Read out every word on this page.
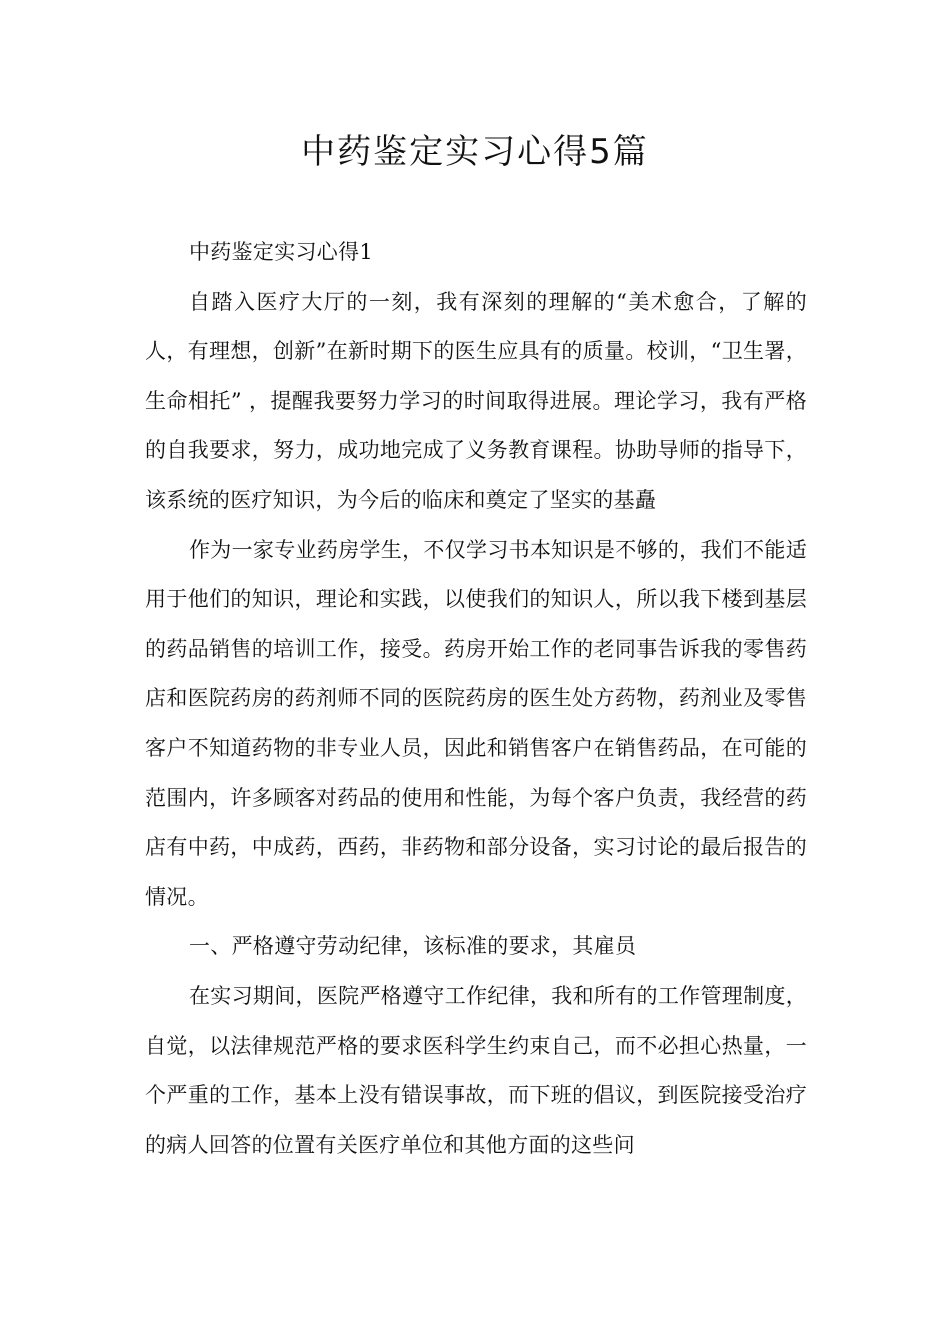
中药鉴定实习心得5篇

中药鉴定实习心得1

自踏入医疗大厅的一刻，我有深刻的理解的“美术愈合，了解的人，有理想，创新”在新时期下的医生应具有的质量。校训，“卫生署，生命相托” ，提醒我要努力学习的时间取得进展。理论学习，我有严格的自我要求，努力，成功地完成了义务教育课程。协助导师的指导下，该系统的医疗知识，为今后的临床和奠定了坚实的基矗

作为一家专业药房学生，不仅学习书本知识是不够的，我们不能适用于他们的知识，理论和实践，以使我们的知识人，所以我下楼到基层的药品销售的培训工作，接受。药房开始工作的老同事告诉我的零售药店和医院药房的药剂师不同的医院药房的医生处方药物，药剂业及零售客户不知道药物的非专业人员，因此和销售客户在销售药品，在可能的范围内，许多顾客对药品的使用和性能，为每个客户负责，我经营的药店有中药，中成药，西药，非药物和部分设备，实习讨论的最后报告的情况。

一、严格遵守劳动纪律，该标准的要求，其雇员

在实习期间，医院严格遵守工作纪律，我和所有的工作管理制度，自觉，以法律规范严格的要求医科学生约束自己，而不必担心热量，一个严重的工作，基本上没有错误事故，而下班的倡议，到医院接受治疗的病人回答的位置有关医疗单位和其他方面的这些问
